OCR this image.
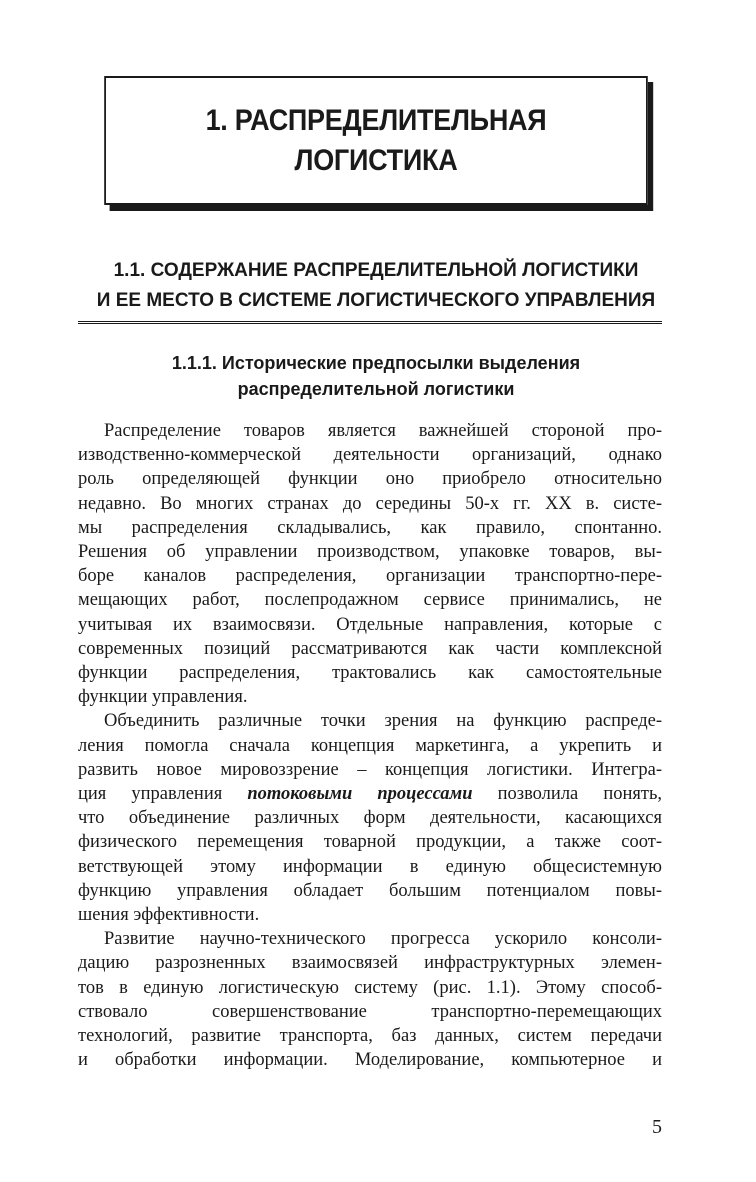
1. РАСПРЕДЕЛИТЕЛЬНАЯ
ЛОГИСТИКА
1.1. СОДЕРЖАНИЕ РАСПРЕДЕЛИТЕЛЬНОЙ ЛОГИСТИКИ
И ЕЕ МЕСТО В СИСТЕМЕ ЛОГИСТИЧЕСКОГО УПРАВЛЕНИЯ
1.1.1. Исторические предпосылки выделения
распределительной логистики

Распределение товаров является важнейшей стороной про-
изводственно-коммерческой деятельности организаций, однако
роль определяющей функции оно приобрело относительно
недавно. Во многих странах до середины 50-х гг. XX в. систе-
мы распределения складывались, как правило, спонтанно.
Решения об управлении производством, упаковке товаров, вы-
боре каналов распределения, организации транспортно-пере-
мещающих работ, послепродажном сервисе принимались, не
учитывая их взаимосвязи. Отдельные направления, которые с
современных позиций рассматриваются как части комплексной
функции распределения, трактовались как самостоятельные
функции управления.

Объединить различные точки зрения на функцию распреде-
ления помогла сначала концепция маркетинга, а укрепить и
развить новое мировоззрение – концепция логистики. Интегра-
ция управления потоковыми процессами позволила понять,
что объединение различных форм деятельности, касающихся
физического перемещения товарной продукции, а также соот-
ветствующей этому информации в единую общесистемную
функцию управления обладает большим потенциалом повы-
шения эффективности.

Развитие научно-технического прогресса ускорило консоли-
дацию разрозненных взаимосвязей инфраструктурных элемен-
тов в единую логистическую систему (рис. 1.1). Этому способ-
ствовало совершенствование транспортно-перемещающих
технологий, развитие транспорта, баз данных, систем передачи
и обработки информации. Моделирование, компьютерное и

5
